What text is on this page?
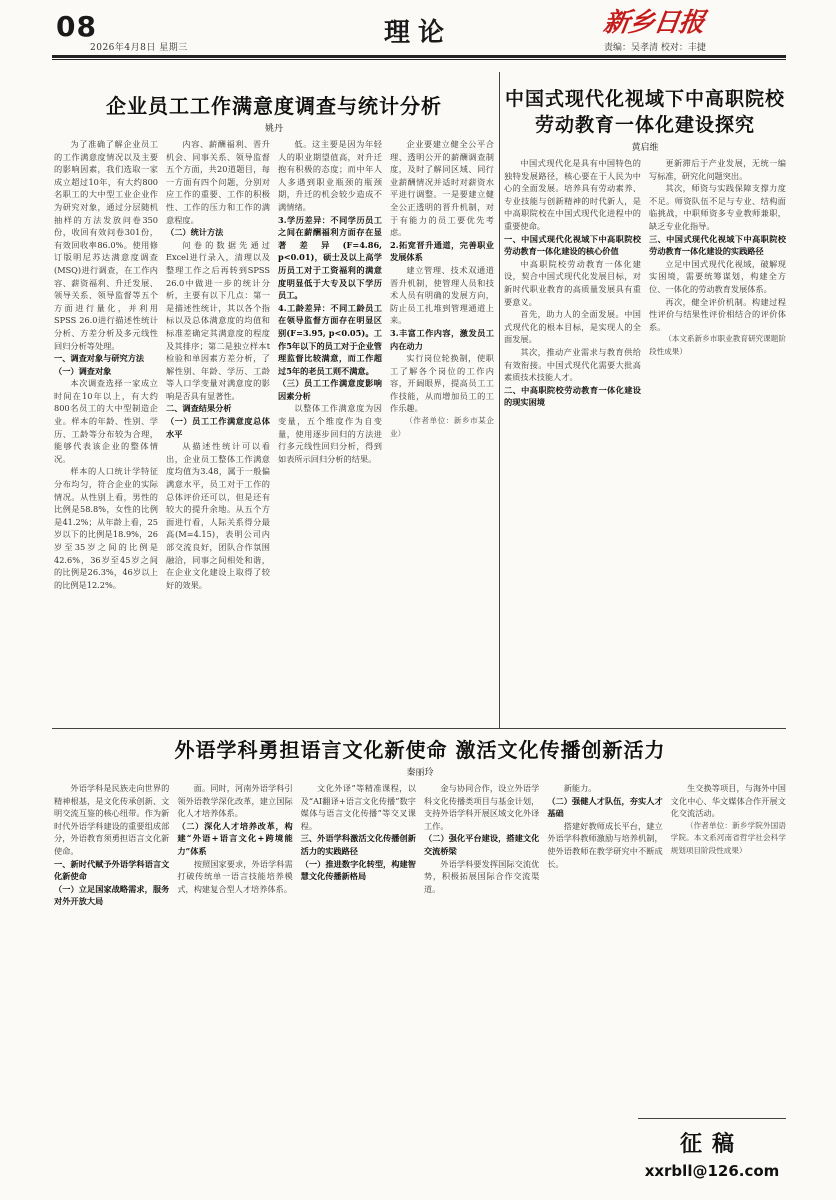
08
2026年4月8日 星期三	理论	新乡日报
责编：吴孝清 校对：丰捷
企业员工工作满意度调查与统计分析
姚丹

为了准确了解企业员工的工作满意度情况以及主要的影响因素，我们选取一家成立超过10年，有大约800名职工的大中型工业企业作为研究对象，通过分层随机抽样的方法发放问卷350份，收回有效问卷301份，有效回收率86.0%。使用修订版明尼苏达满意度调查(MSQ)进行调查，在工作内容、薪资福利、升迁发展、领导关系、领导监督等五个方面进行量化，并利用SPSS 26.0进行描述性统计分析、方差分析及多元线性回归分析等处理。

一、调查对象与研究方法

（一）调查对象

本次调查选择一家成立时间在10年以上，有大约800名员工的大中型制造企业。样本的年龄、性别、学历、工龄等分布较为合理，能够代表该企业的整体情况。

样本的人口统计学特征分布均匀，符合企业的实际情况。从性别上看，男性的比例是58.8%，女性的比例是41.2%；从年龄上看，25岁以下的比例是18.9%，26岁至35岁之间的比例是42.6%，36岁至45岁之间的比例是26.3%，46岁以上的比例是12.2%。

内容、薪酬福利、晋升机会、同事关系、领导监督五个方面，共20道题目，每一方面有四个问题，分别对应工作的重要、工作的积极性、工作的压力和工作的满意程度。

（二）统计方法

问卷的数据先通过Excel进行录入，清理以及整理工作之后再转到SPSS 26.0中做进一步的统计分析，主要有以下几点：第一是描述性统计，其以各个指标以及总体满意度的均值和标准差确定其满意度的程度及其排序；第二是独立样本t检验和单因素方差分析，了解性别、年龄、学历、工龄等人口学变量对满意度的影响是否具有显著性。

二、调查结果分析

（一）员工工作满意度总体水平

从描述性统计可以看出，企业员工整体工作满意度均值为3.48，属于一般偏满意水平，员工对于工作的总体评价还可以，但是还有较大的提升余地。从五个方面进行看，人际关系得分最高(M=4.15)，表明公司内部交流良好，团队合作氛围融洽，同事之间相处和谐，在企业文化建设上取得了较好的效果。

低。这主要是因为年轻人的职业期望值高，对升迁抱有积极的态度；而中年人人多遇到职业瓶颈的瓶颈期，升迁的机会较少造成不满情绪。

3.学历差异：不同学历员工之间在薪酬福利方面存在显著差异(F=4.86, p<0.01)，硕士及以上高学历员工对于工资福利的满意度明显低于大专及以下学历员工。

4.工龄差异：不同工龄员工在领导监督方面存在明显区别(F=3.95, p<0.05)。工作5年以下的员工对于企业管理监督比较满意，而工作超过5年的老员工则不满意。

（三）员工工作满意度影响因素分析

以整体工作满意度为因变量，五个维度作为自变量，使用逐步回归的方法进行多元线性回归分析，得到如表所示回归分析的结果。

企业要建立健全公平合理、透明公开的薪酬调查制度，及时了解同区域、同行业薪酬情况并适时对薪资水平进行调整。一是要建立健全公正透明的晋升机制，对于有能力的员工要优先考虑。

2.拓宽晋升通道，完善职业发展体系

建立管理、技术双通道晋升机制，使管理人员和技术人员有明确的发展方向，防止员工扎堆到管理通道上来。

3.丰富工作内容，激发员工内在动力

实行岗位轮换制，使职工了解各个岗位的工作内容，开阔眼界，提高员工工作技能，从而增加员工的工作乐趣。

（作者单位：新乡市某企业）

中国式现代化视域下中高职院校劳动教育一体化建设探究
黄启维

中国式现代化是具有中国特色的独特发展路径，核心要在于人民为中心的全面发展。培养具有劳动素养、专业技能与创新精神的时代新人，是中高职院校在中国式现代化进程中的重要使命。

一、中国式现代化视域下中高职院校劳动教育一体化建设的核心价值

中高职院校劳动教育一体化建设，契合中国式现代化发展目标，对新时代职业教育的高质量发展具有重要意义。

首先，助力人的全面发展。中国式现代化的根本目标，是实现人的全面发展。

其次，推动产业需求与教育供给有效衔接。中国式现代化需要大批高素质技术技能人才。

二、中高职院校劳动教育一体化建设的现实困境

更新滞后于产业发展，无统一编写标准，研究化问题突出。

其次，师资与实践保障支撑力度不足。师资队伍不足与专业、结构面临挑战，中职师资多专业教师兼职，缺乏专业化指导。

三、中国式现代化视域下中高职院校劳动教育一体化建设的实践路径

立足中国式现代化视域，破解现实困境，需要统筹谋划，构建全方位、一体化的劳动教育发展体系。

再次，健全评价机制。构建过程性评价与结果性评价相结合的评价体系。

（本文系新乡市职业教育研究课题阶段性成果）

外语学科勇担语言文化新使命 激活文化传播创新活力
秦丽玲

外语学科是民族走向世界的精神根基，是文化传承创新、文明交流互鉴的核心纽带。作为新时代外语学科建设的重要组成部分，外语教育须勇担语言文化新使命。

一、新时代赋予外语学科语言文化新使命

（一）立足国家战略需求，服务对外开放大局

面。同时，河南外语学科引领外语教学深化改革，建立国际化人才培养体系。

（二）深化人才培养改革，构建“外语+语言文化+跨境能力”体系

按照国家要求，外语学科需打破传统单一语言技能培养模式，构建复合型人才培养体系。

文化外译”等精准课程，以及“AI翻译+语言文化传播”数字媒体与语言文化传播”等交叉课程。

三、外语学科激活文化传播创新活力的实践路径

（一）推进数字化转型，构建智慧文化传播新格局

金与协同合作，设立外语学科文化传播类项目与基金计划，支持外语学科开展区域文化外译工作。

（二）强化平台建设，搭建文化交流桥梁

外语学科要发挥国际交流优势，积极拓展国际合作交流渠道。

新能力。

（二）强健人才队伍，夯实人才基础

搭建好教师成长平台，建立外语学科教师激励与培养机制，使外语教师在教学研究中不断成长。

生交换等项目，与海外中国文化中心、华文媒体合作开展文化交流活动。

（作者单位：新乡学院外国语学院。本文系河南省哲学社会科学规划项目阶段性成果）

征稿
xxrbll@126.com
